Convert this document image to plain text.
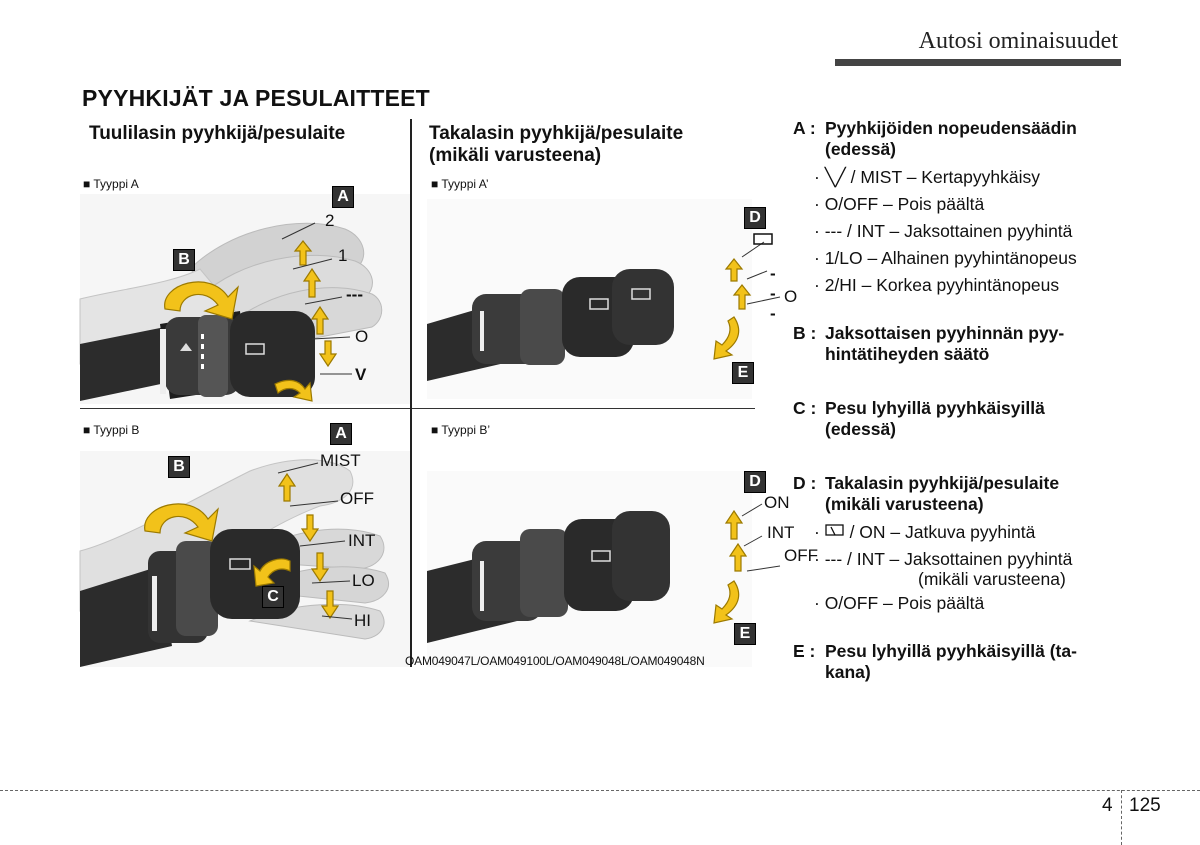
Autosi ominaisuudet
PYYHKIJÄT JA PESULAITTEET
Tuulilasin pyyhkijä/pesulaite
■ Tyyppi A
A
B
2
1
---
O
V
Takalasin pyyhkijä/pesulaite
(mikäli varusteena)
■ Tyyppi A’
D
E
---
O
■ Tyyppi B	A
B
C
MIST
OFF
INT
LO
HI
■ Tyyppi B’
D
E
ON
INT
OFF
OAM049047L/OAM049100L/OAM049048L/OAM049048N
A : Pyyhkijöiden nopeudensäädin
(edessä)
· ╲╱ / MIST – Kertapyyhkäisy
· O/OFF – Pois päältä
· --- / INT – Jaksottainen pyyhintä
· 1/LO – Alhainen pyyhintänopeus
· 2/HI – Korkea pyyhintänopeus
B : Jaksottaisen pyyhinnän pyy-
hintätiheyden säätö
C : Pesu lyhyillä pyyhkäisyillä
(edessä)
D : Takalasin pyyhkijä/pesulaite
(mikäli varusteena)
·  / ON – Jatkuva pyyhintä
· --- / INT – Jaksottainen pyyhintä
(mikäli varusteena)
· O/OFF – Pois päältä
E : Pesu lyhyillä pyyhkäisyillä (ta-
kana)
4 125
